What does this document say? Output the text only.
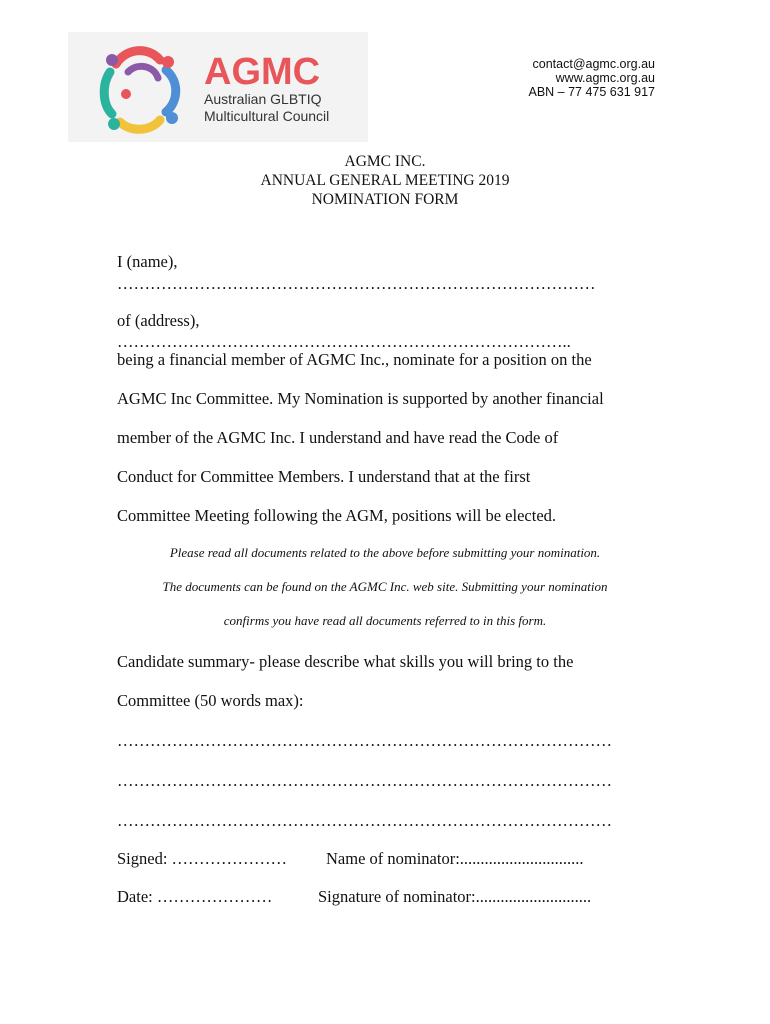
AGMC
Australian GLBTIQ
Multicultural Council
contact@agmc.org.au
www.agmc.org.au
ABN – 77 475 631 917
AGMC INC.
ANNUAL GENERAL MEETING 2019
NOMINATION FORM
I (name),
……………………………………………………………………………
of (address),
………………………………………………………………………..
being a financial member of AGMC Inc., nominate for a position on the
AGMC Inc Committee. My Nomination is supported by another financial
member of the AGMC Inc. I understand and have read the Code of
Conduct for Committee Members. I understand that at the first
Committee Meeting following the AGM, positions will be elected.
Please read all documents related to the above before submitting your nomination.
The documents can be found on the AGMC Inc. web site. Submitting your nomination
confirms you have read all documents referred to in this form.
Candidate summary- please describe what skills you will bring to the
Committee (50 words max):
………………………………………………………………………………
………………………………………………………………………………
………………………………………………………………………………
Signed: ………………… Name of nominator:..............................
Date: …………………	Signature of nominator:............................
